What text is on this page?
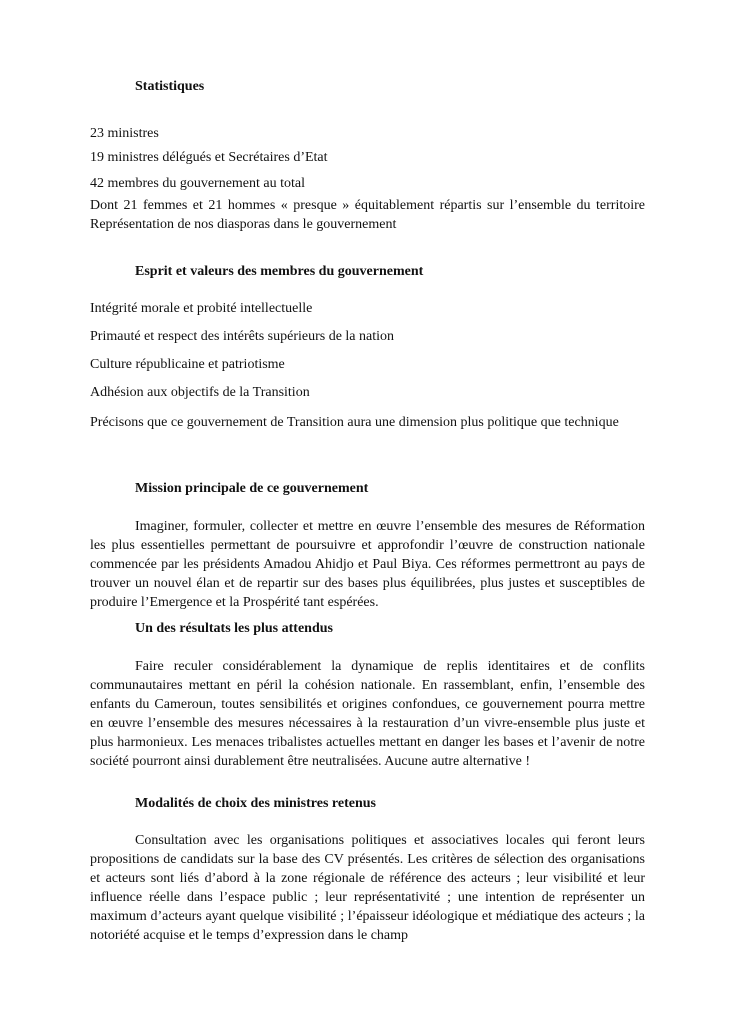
Statistiques

23 ministres

19 ministres délégués et Secrétaires d’Etat

42 membres du gouvernement au total

Dont 21 femmes et 21 hommes « presque » équitablement répartis sur l’ensemble du territoire Représentation de nos diasporas dans le gouvernement

Esprit et valeurs des membres du gouvernement

Intégrité morale et probité intellectuelle

Primauté et respect des intérêts supérieurs de la nation

Culture républicaine et patriotisme

Adhésion aux objectifs de la Transition

Précisons que ce gouvernement de Transition aura une dimension plus politique que technique

Mission principale de ce gouvernement

Imaginer, formuler, collecter et mettre en œuvre l’ensemble des mesures de Réformation les plus essentielles permettant de poursuivre et approfondir l’œuvre de construction nationale commencée par les présidents Amadou Ahidjo et Paul Biya. Ces réformes permettront au pays de trouver un nouvel élan et de repartir sur des bases plus équilibrées, plus justes et susceptibles de produire l’Emergence et la Prospérité tant espérées.

Un des résultats les plus attendus

Faire reculer considérablement la dynamique de replis identitaires et de conflits communautaires mettant en péril la cohésion nationale. En rassemblant, enfin, l’ensemble des enfants du Cameroun, toutes sensibilités et origines confondues, ce gouvernement pourra mettre en œuvre l’ensemble des mesures nécessaires à la restauration d’un vivre-ensemble plus juste et plus harmonieux. Les menaces tribalistes actuelles mettant en danger les bases et l’avenir de notre société pourront ainsi durablement être neutralisées. Aucune autre alternative !

Modalités de choix des ministres retenus

Consultation avec les organisations politiques et associatives locales qui feront leurs propositions de candidats sur la base des CV présentés. Les critères de sélection des organisations et acteurs sont liés d’abord à la zone régionale de référence des acteurs ; leur visibilité et leur influence réelle dans l’espace public ; leur représentativité ; une intention de représenter un maximum d’acteurs ayant quelque visibilité ; l’épaisseur idéologique et médiatique des acteurs ; la notoriété acquise et le temps d’expression dans le champ
